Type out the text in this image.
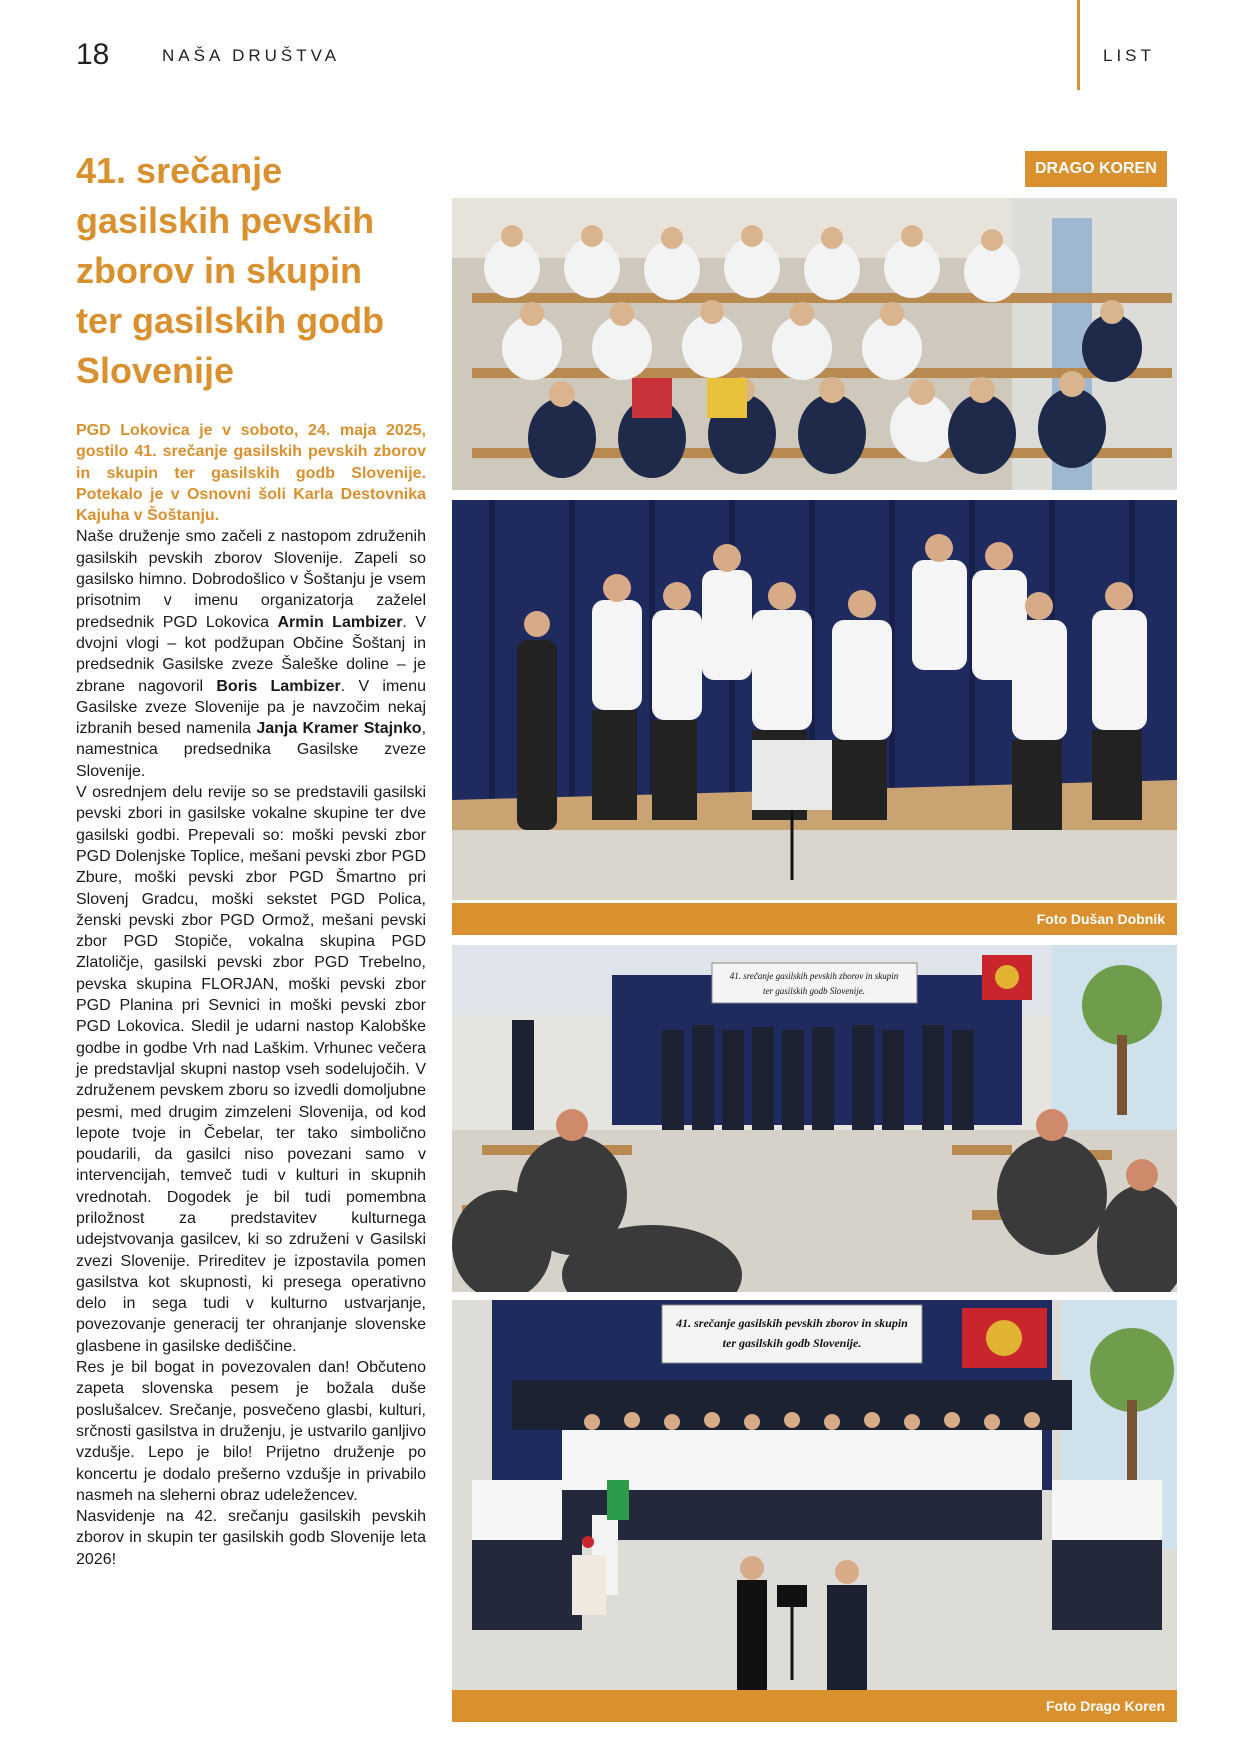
18	NAŠA DRUŠTVA	LIST
41. srečanje gasilskih pevskih zborov in skupin ter gasilskih godb Slovenije

PGD Lokovica je v soboto, 24. maja 2025, gostilo 41. srečanje gasilskih pevskih zborov in skupin ter gasilskih godb Slovenije. Potekalo je v Osnovni šoli Karla Destovnika Kajuha v Šoštanju.

Naše druženje smo začeli z nastopom združenih gasilskih pevskih zborov Slovenije. Zapeli so gasilsko himno. Dobrodošlico v Šoštanju je vsem prisotnim v imenu organizatorja zaželel predsednik PGD Lokovica Armin Lambizer. V dvojni vlogi – kot podžupan Občine Šoštanj in predsednik Gasilske zveze Šaleške doline – je zbrane nagovoril Boris Lambizer. V imenu Gasilske zveze Slovenije pa je navzočim nekaj izbranih besed namenila Janja Kramer Stajnko, namestnica predsednika Gasilske zveze Slovenije.

V osrednjem delu revije so se predstavili gasilski pevski zbori in gasilske vokalne skupine ter dve gasilski godbi. Prepevali so: moški pevski zbor PGD Dolenjske Toplice, mešani pevski zbor PGD Zbure, moški pevski zbor PGD Šmartno pri Slovenj Gradcu, moški sekstet PGD Polica, ženski pevski zbor PGD Ormož, mešani pevski zbor PGD Stopiče, vokalna skupina PGD Zlatoličje, gasilski pevski zbor PGD Trebelno, pevska skupina FLORJAN, moški pevski zbor PGD Planina pri Sevnici in moški pevski zbor PGD Lokovica. Sledil je udarni nastop Kalobške godbe in godbe Vrh nad Laškim. Vrhunec večera je predstavljal skupni nastop vseh sodelujočih. V združenem pevskem zboru so izvedli domoljubne pesmi, med drugim zimzeleni Slovenija, od kod lepote tvoje in Čebelar, ter tako simbolično poudarili, da gasilci niso povezani samo v intervencijah, temveč tudi v kulturi in skupnih vrednotah. Dogodek je bil tudi pomembna priložnost za predstavitev kulturnega udejstvovanja gasilcev, ki so združeni v Gasilski zvezi Slovenije. Prireditev je izpostavila pomen gasilstva kot skupnosti, ki presega operativno delo in sega tudi v kulturno ustvarjanje, povezovanje generacij ter ohranjanje slovenske glasbene in gasilske dediščine.

Res je bil bogat in povezovalen dan! Občuteno zapeta slovenska pesem je božala duše poslušalcev. Srečanje, posvečeno glasbi, kulturi, srčnosti gasilstva in druženju, je ustvarilo ganljivo vzdušje. Lepo je bilo! Prijetno druženje po koncertu je dodalo prešerno vzdušje in privabilo nasmeh na sleherni obraz udeležencev.

Nasvidenje na 42. srečanju gasilskih pevskih zborov in skupin ter gasilskih godb Slovenije leta 2026!

DRAGO KOREN
Foto Dušan Dobnik
41. srečanje gasilskih pevskih zborov in skupin
ter gasilskih godb Slovenije.
41. srečanje gasilskih pevskih zborov in skupin
ter gasilskih godb Slovenije.
Foto Drago Koren
